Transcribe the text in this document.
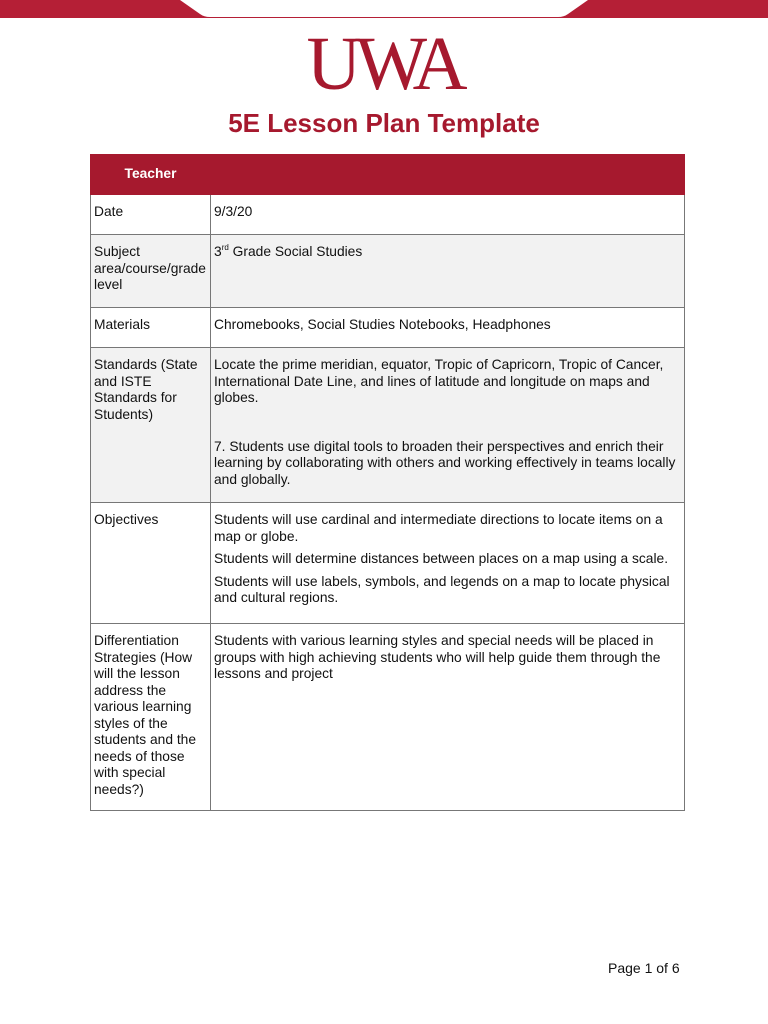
UWA
5E Lesson Plan Template
Teacher	
Date	9/3/20
Subject area/course/grade level	3rd Grade Social Studies
Materials	Chromebooks, Social Studies Notebooks, Headphones
Standards (State and ISTE Standards for Students)	Locate the prime meridian, equator, Tropic of Capricorn, Tropic of Cancer, International Date Line, and lines of latitude and longitude on maps and globes.

7. Students use digital tools to broaden their perspectives and enrich their learning by collaborating with others and working effectively in teams locally and globally.

Objectives	Students will use cardinal and intermediate directions to locate items on a map or globe.

Students will determine distances between places on a map using a scale.

Students will use labels, symbols, and legends on a map to locate physical and cultural regions.

Differentiation Strategies (How will the lesson address the various learning styles of the students and the needs of those with special needs?)	Students with various learning styles and special needs will be placed in groups with high achieving students who will help guide them through the lessons and project
Page 1 of 6
